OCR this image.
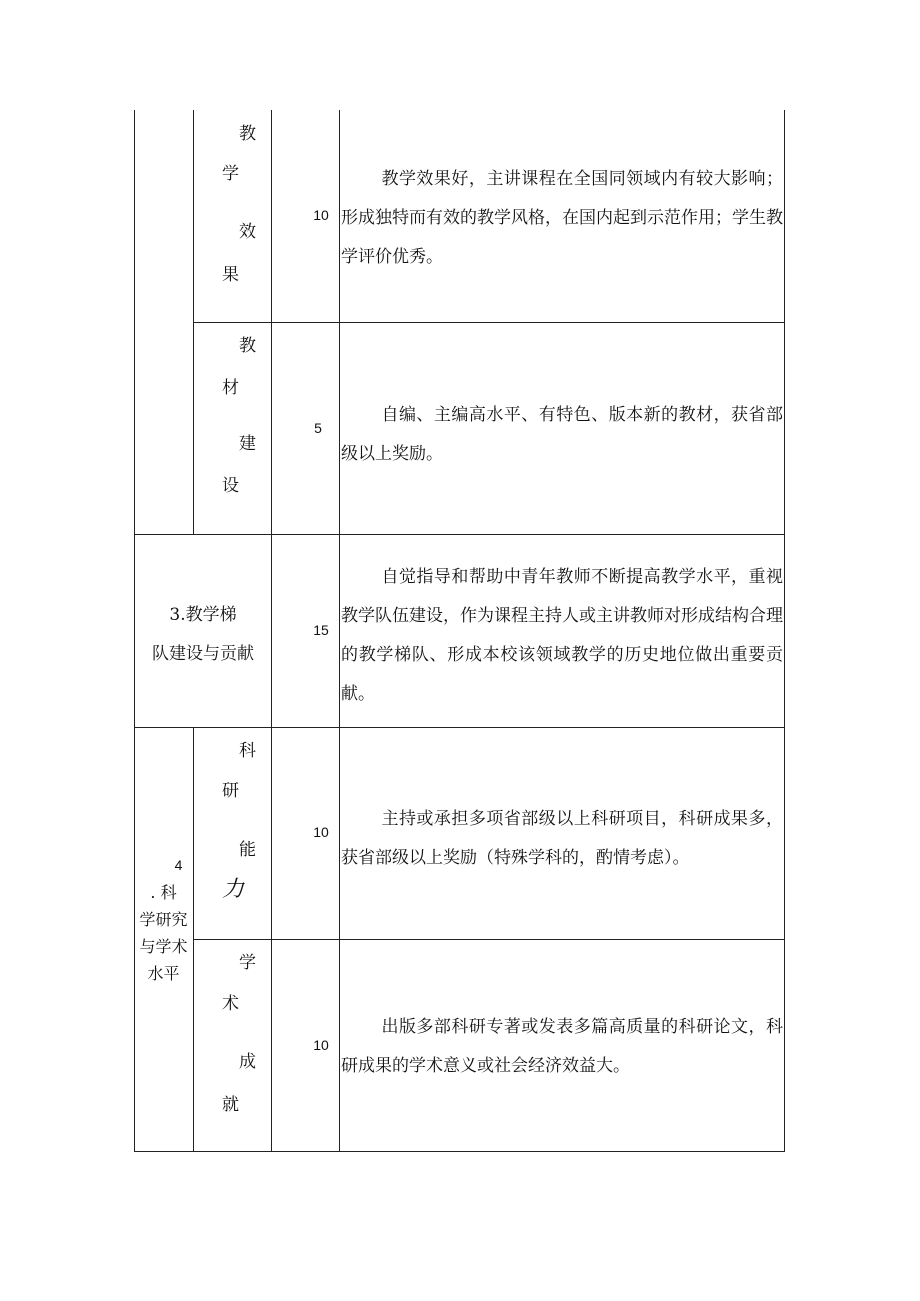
教
学
效
果
10
教学效果好，主讲课程在全国同领域内有较大影响；形成独特而有效的教学风格，在国内起到示范作用；学生教学评价优秀。
教
材
建
设
5
自编、主编高水平、有特色、版本新的教材，获省部级以上奖励。
3.教学梯
队建设与贡献
15
自觉指导和帮助中青年教师不断提高教学水平，重视教学队伍建设，作为课程主持人或主讲教师对形成结构合理的教学梯队、形成本校该领域教学的历史地位做出重要贡献。
4
. 科
学研究
与学术
水平
科
研
能
力
10
主持或承担多项省部级以上科研项目，科研成果多，获省部级以上奖励（特殊学科的，酌情考虑）。
学
术
成
就
10
出版多部科研专著或发表多篇高质量的科研论文，科研成果的学术意义或社会经济效益大。
